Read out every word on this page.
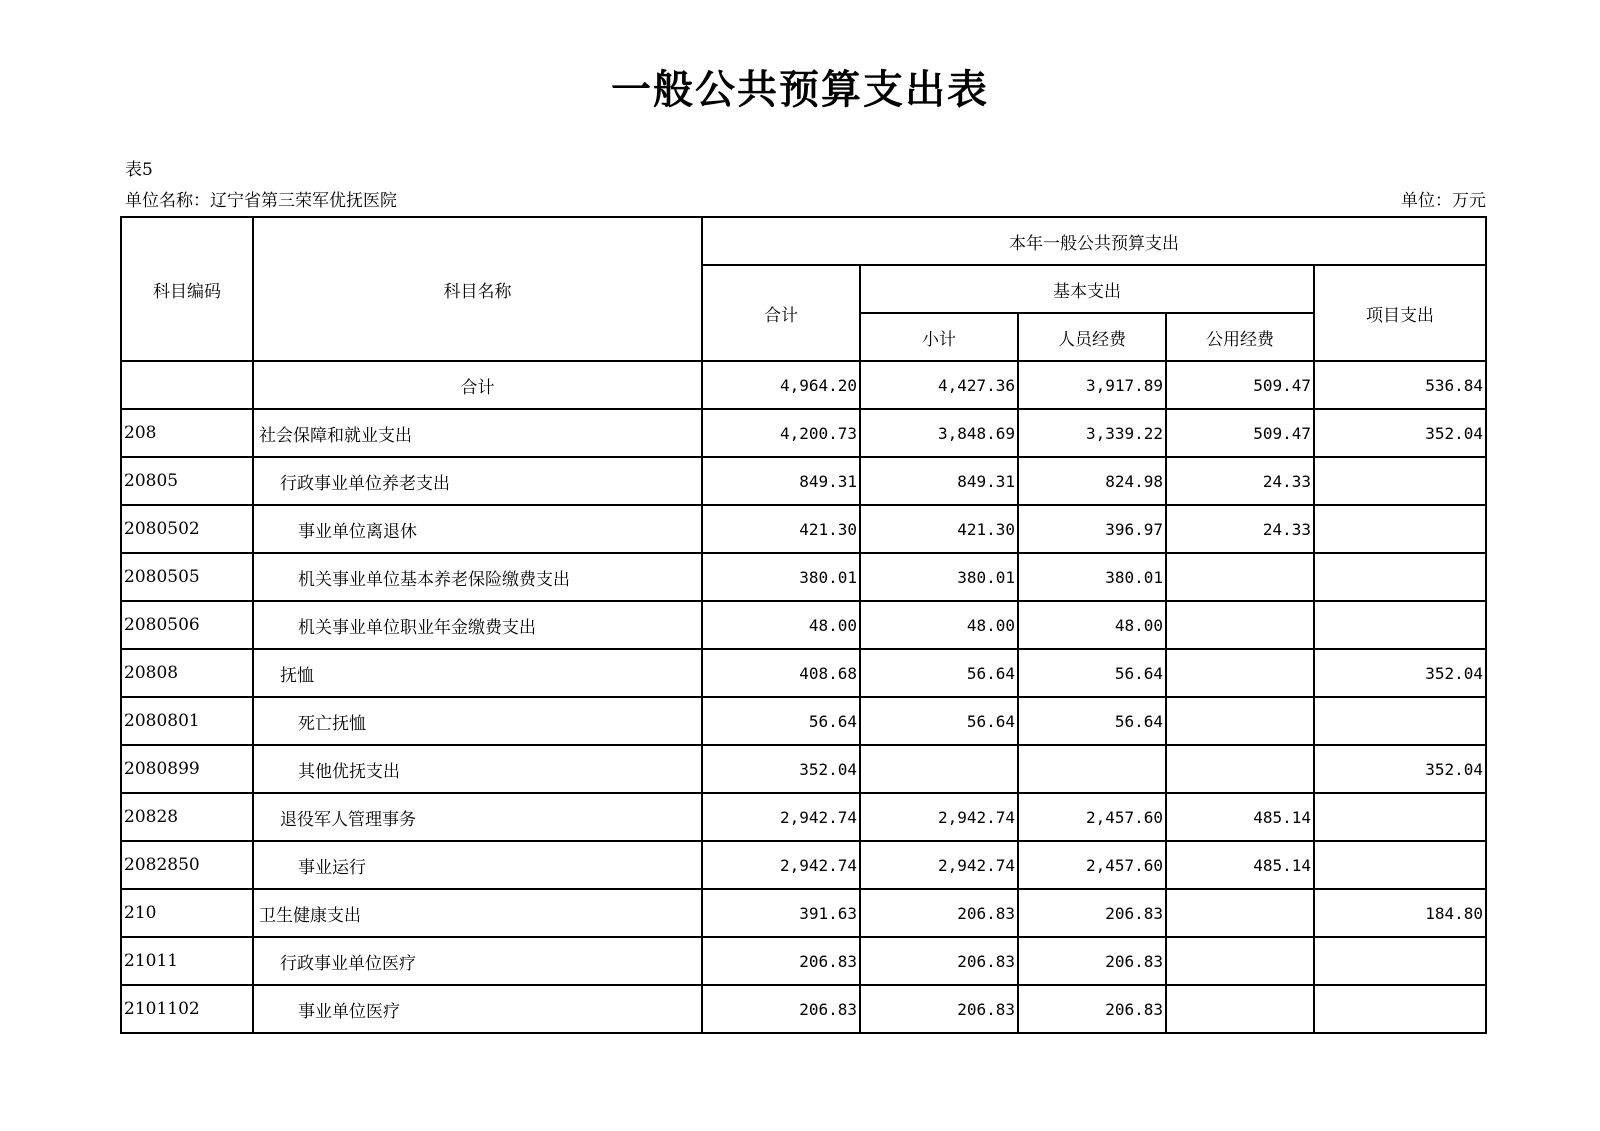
一般公共预算支出表
表5
单位名称：辽宁省第三荣军优抚医院	单位：万元
科目编码	科目名称	本年一般公共预算支出				
		合计	基本支出			项目支出
			小计	人员经费	公用经费	
	合计	4,964.20	4,427.36	3,917.89	509.47	536.84
208	社会保障和就业支出	4,200.73	3,848.69	3,339.22	509.47	352.04
20805	行政事业单位养老支出	849.31	849.31	824.98	24.33	
2080502	事业单位离退休	421.30	421.30	396.97	24.33	
2080505	机关事业单位基本养老保险缴费支出	380.01	380.01	380.01		
2080506	机关事业单位职业年金缴费支出	48.00	48.00	48.00		
20808	抚恤	408.68	56.64	56.64		352.04
2080801	死亡抚恤	56.64	56.64	56.64		
2080899	其他优抚支出	352.04				352.04
20828	退役军人管理事务	2,942.74	2,942.74	2,457.60	485.14	
2082850	事业运行	2,942.74	2,942.74	2,457.60	485.14	
210	卫生健康支出	391.63	206.83	206.83		184.80
21011	行政事业单位医疗	206.83	206.83	206.83		
2101102	事业单位医疗	206.83	206.83	206.83		
